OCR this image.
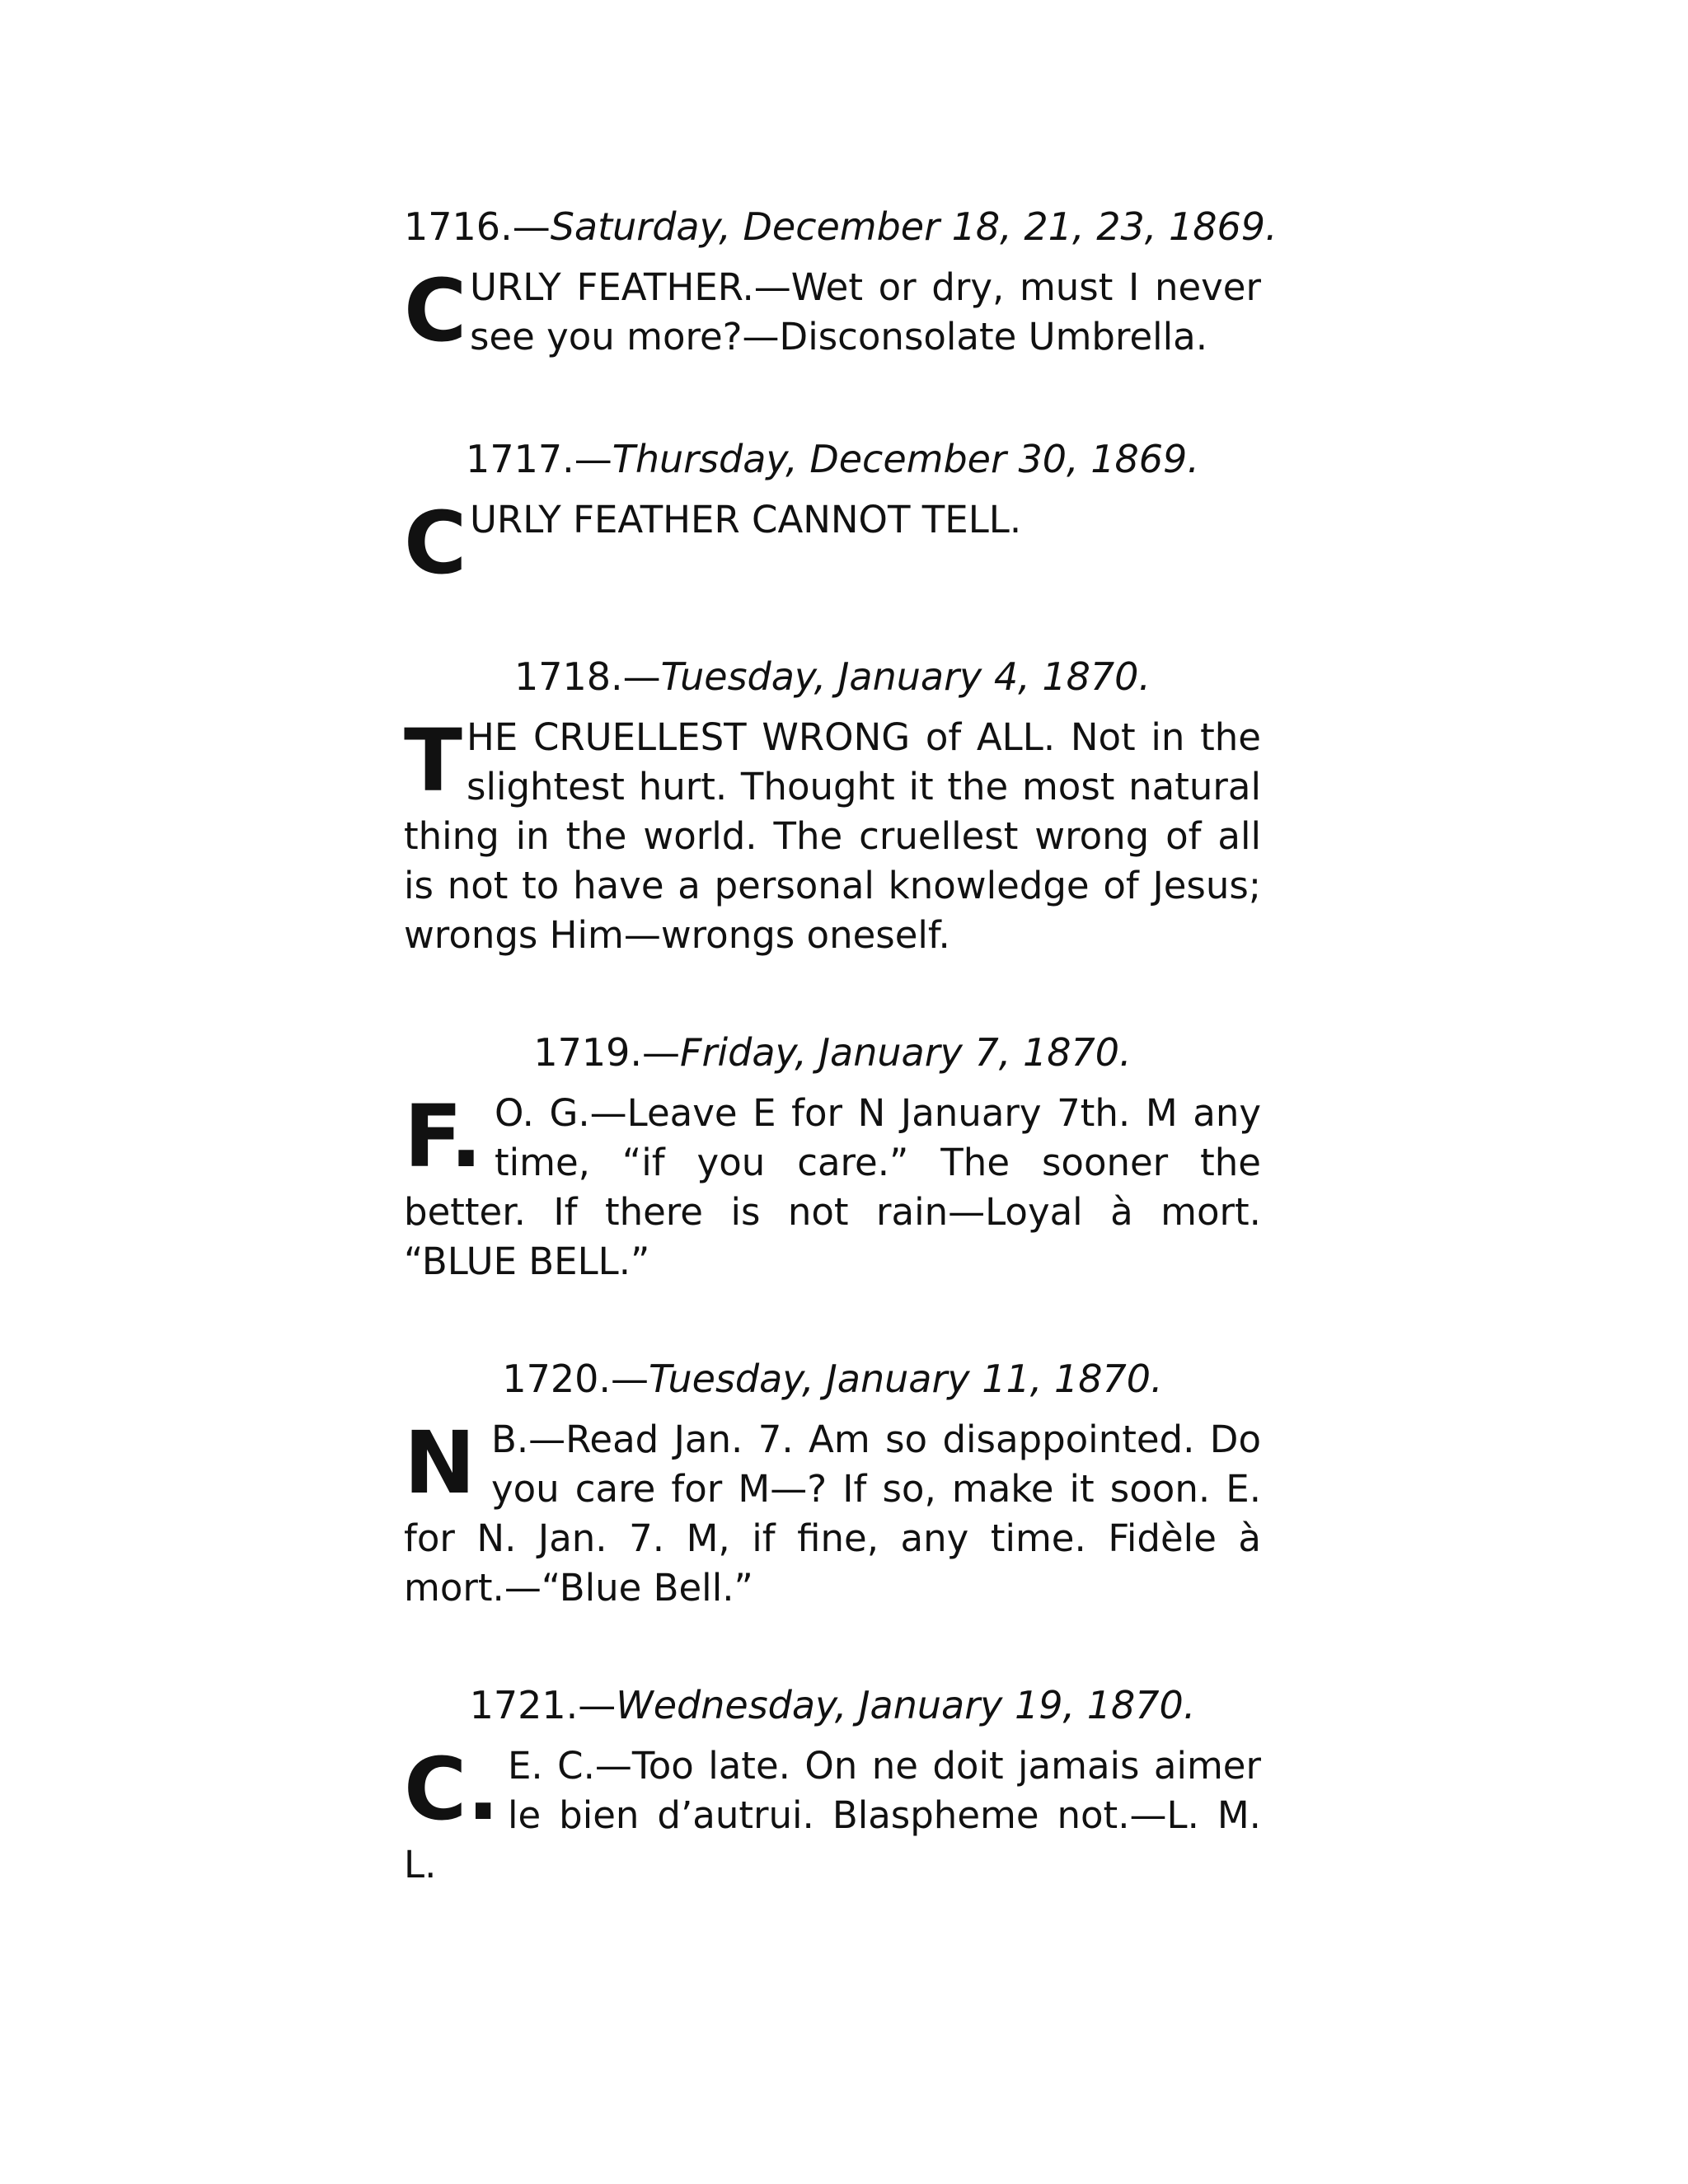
1716.—Saturday, December 18, 21, 23, 1869.

C URLY FEATHER.—Wet or dry, must I never see you more?—Disconsolate Umbrella.

1717.—Thursday, December 30, 1869.

C URLY FEATHER CANNOT TELL.

1718.—Tuesday, January 4, 1870.

T HE CRUELLEST WRONG of ALL. Not in the slightest hurt. Thought it the most natural thing in the world. The cruellest wrong of all is not to have a personal knowledge of Jesus; wrongs Him—wrongs oneself.

1719.—Friday, January 7, 1870.

F. O. G.—Leave E for N January 7th. M any time, “if you care.” The sooner the better. If there is not rain—Loyal à mort. “BLUE BELL.”

1720.—Tuesday, January 11, 1870.

N B.—Read Jan. 7. Am so disappointed. Do you care for M—? If so, make it soon. E. for N. Jan. 7. M, if fine, any time. Fidèle à mort.—“Blue Bell.”

1721.—Wednesday, January 19, 1870.

C. E. C.—Too late. On ne doit jamais aimer le bien d’autrui. Blaspheme not.—L. M. L.
